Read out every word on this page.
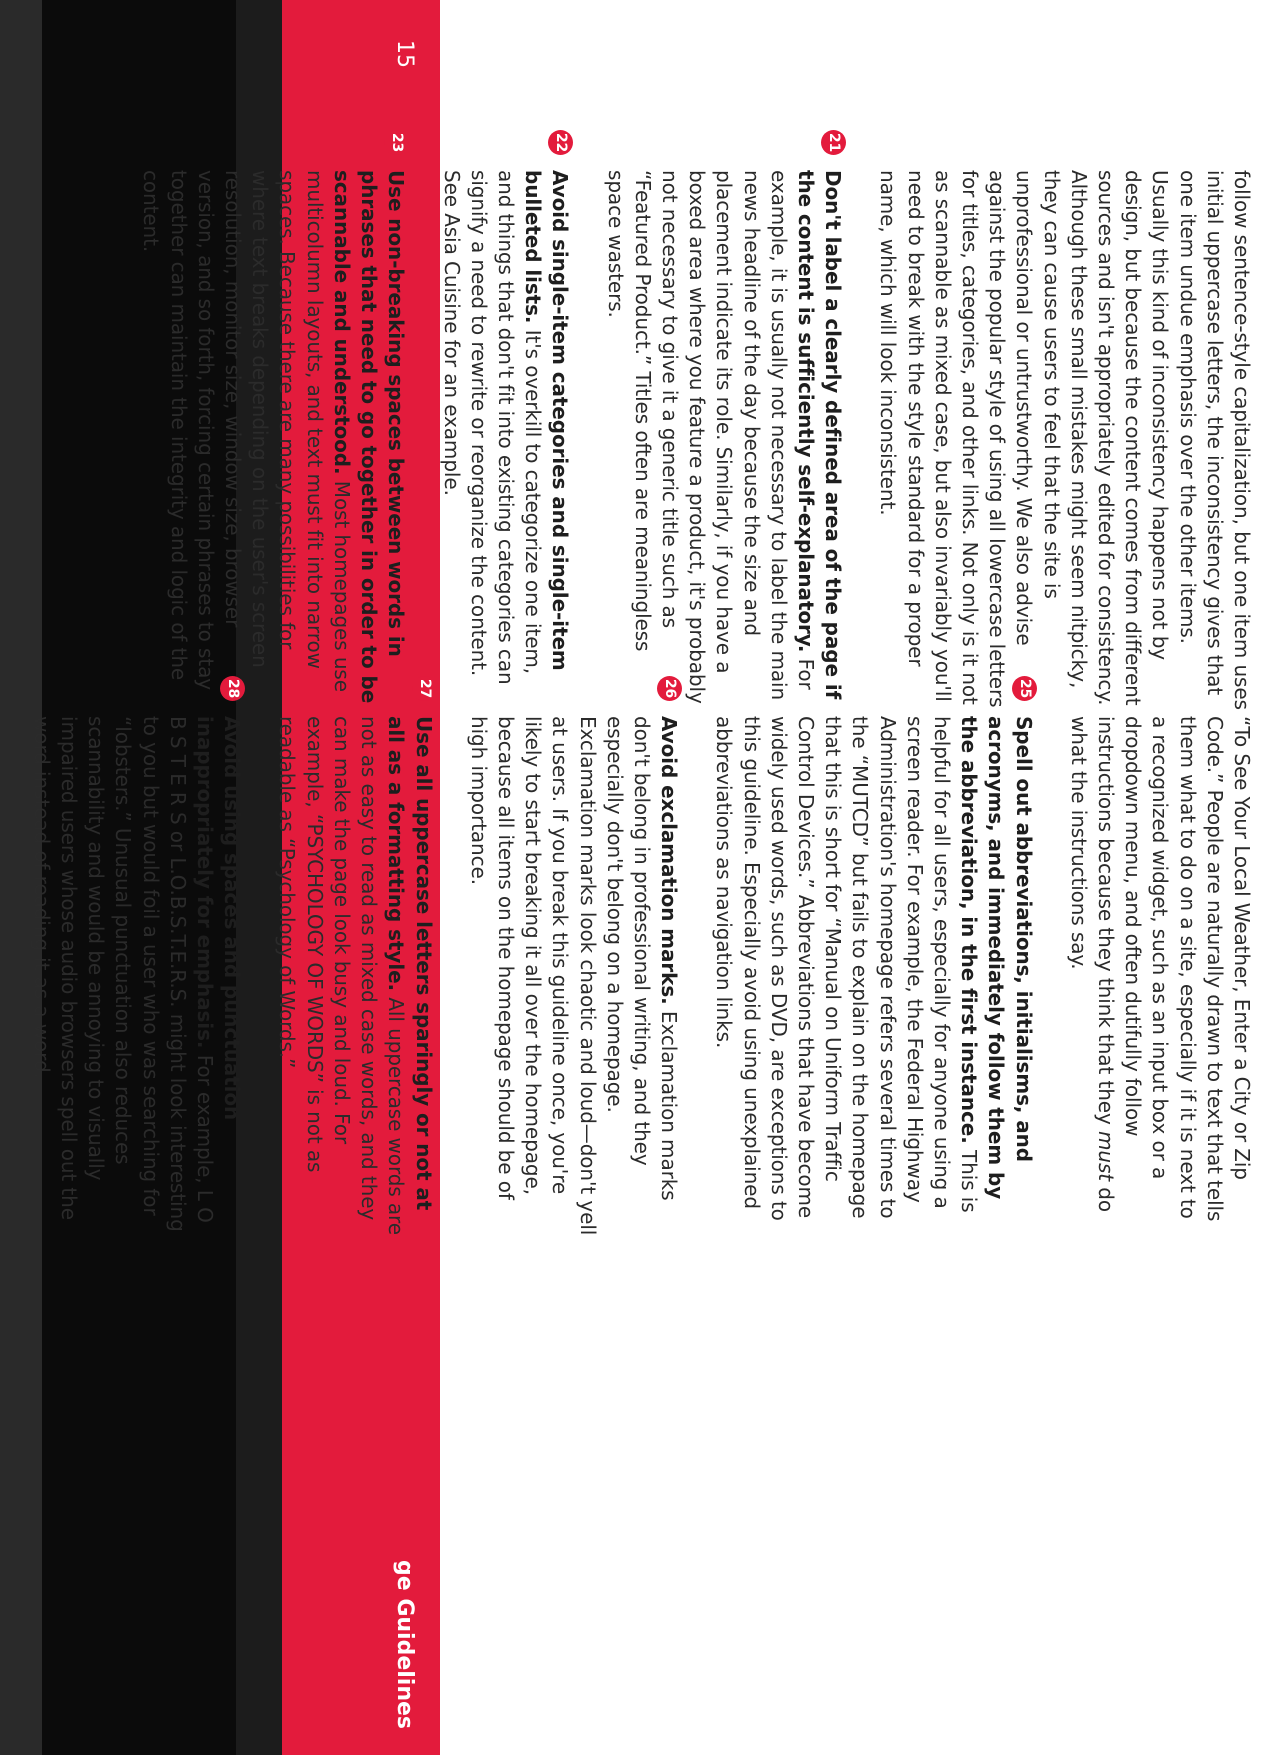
ge Guidelines
15

“To See Your Local Weather, Enter a City or Zip Code.” People are naturally drawn to text that tells them what to do on a site, especially if it is next to a recognized widget, such as an input box or a dropdown menu, and often dutifully follow instructions because they think that they must do what the instructions say.

25

Spell out abbreviations, initialisms, and acronyms, and immediately follow them by the abbreviation, in the first instance. This is helpful for all users, especially for anyone using a screen reader. For example, the Federal Highway Administration's homepage refers several times to the “MUTCD” but fails to explain on the homepage that this is short for “Manual on Uniform Traffic Control Devices.” Abbreviations that have become widely used words, such as DVD, are exceptions to this guideline. Especially avoid using unexplained abbreviations as navigation links.

26

Avoid exclamation marks. Exclamation marks don't belong in professional writing, and they especially don't belong on a homepage. Exclamation marks look chaotic and loud—don't yell at users. If you break this guideline once, you're likely to start breaking it all over the homepage, because all items on the homepage should be of high importance.

27

Use all uppercase letters sparingly or not at all as a formatting style. All uppercase words are not as easy to read as mixed case words, and they can make the page look busy and loud. For example, “PSYCHOLOGY OF WORDS” is not as readable as “Psychology of Words.”

28

Avoid using spaces and punctuation inappropriately for emphasis. For example, L O B S T E R S or L.O.B.S.T.E.R.S. might look interesting to you but would foil a user who was searching for “lobsters.” Unusual punctuation also reduces scannability and would be annoying to visually impaired users whose audio browsers spell out the word instead of reading it as a word.

follow sentence-style capitalization, but one item uses initial uppercase letters, the inconsistency gives that one item undue emphasis over the other items. Usually this kind of inconsistency happens not by design, but because the content comes from different sources and isn't appropriately edited for consistency. Although these small mistakes might seem nitpicky, they can cause users to feel that the site is unprofessional or untrustworthy. We also advise against the popular style of using all lowercase letters for titles, categories, and other links. Not only is it not as scannable as mixed case, but also invariably you'll need to break with the style standard for a proper name, which will look inconsistent.

21

Don't label a clearly defined area of the page if the content is sufficiently self-explanatory. For example, it is usually not necessary to label the main news headline of the day because the size and placement indicate its role. Similarly, if you have a boxed area where you feature a product, it's probably not necessary to give it a generic title such as “Featured Product.” Titles often are meaningless space wasters.

22

Avoid single-item categories and single-item bulleted lists. It's overkill to categorize one item, and things that don't fit into existing categories can signify a need to rewrite or reorganize the content. See Asia Cuisine for an example.

23

Use non-breaking spaces between words in phrases that need to go together in order to be scannable and understood. Most homepages use multicolumn layouts, and text must fit into narrow spaces. Because there are many possibilities for where text breaks depending on the user's screen resolution, monitor size, window size, browser version, and so forth, forcing certain phrases to stay together can maintain the integrity and logic of the content.
